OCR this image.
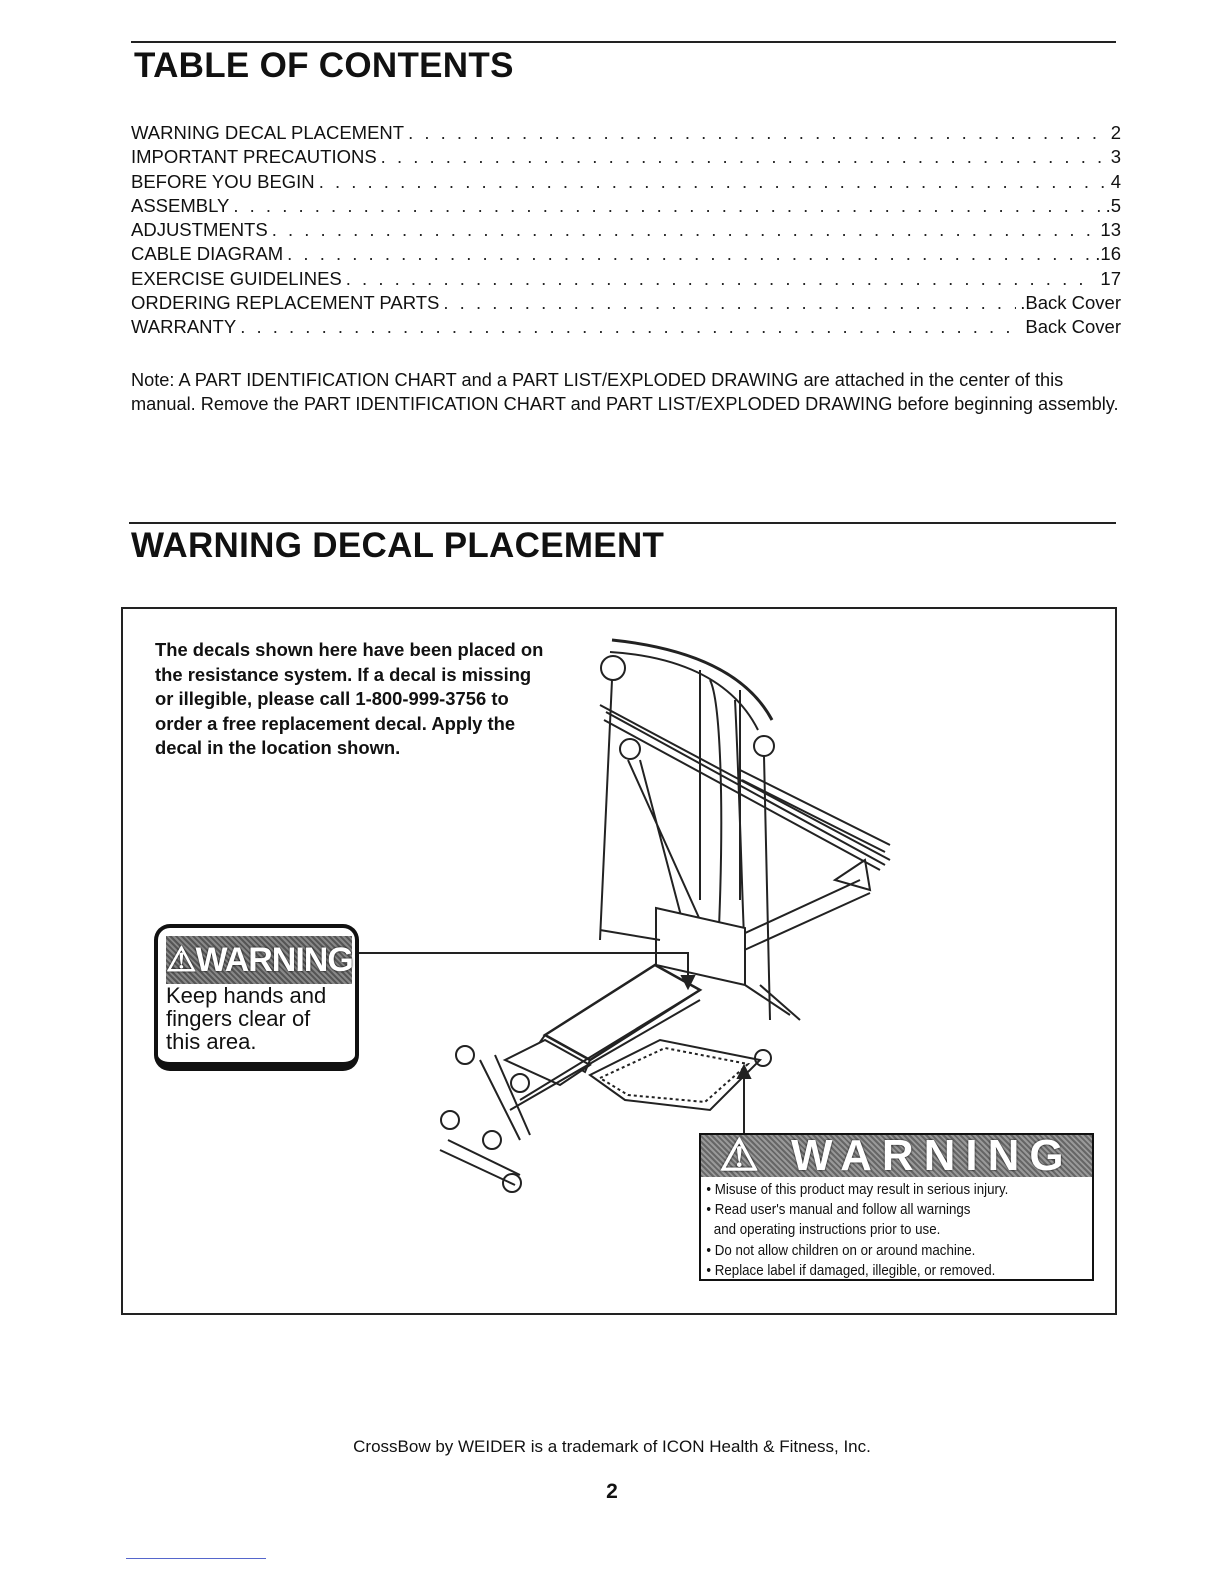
TABLE OF CONTENTS
WARNING DECAL PLACEMENT . . .	2
IMPORTANT PRECAUTIONS . . .	3
BEFORE YOU BEGIN . . .	4
ASSEMBLY . . .	.5
ADJUSTMENTS . . .	13
CABLE DIAGRAM . . .	.16
EXERCISE GUIDELINES . . .	17
ORDERING REPLACEMENT PARTS . . .	.Back Cover
WARRANTY . . .	Back Cover

Note: A PART IDENTIFICATION CHART and a PART LIST/EXPLODED DRAWING are attached in the center of this manual. Remove the PART IDENTIFICATION CHART and PART LIST/EXPLODED DRAWING before beginning assembly.

WARNING DECAL PLACEMENT

The decals shown here have been placed on the resistance system. If a decal is missing or illegible, please call 1-800-999-3756 to order a free replacement decal. Apply the decal in the location shown.

⚠WARNING
Keep hands and
fingers clear of
this area.
⚠ WARNING
• Misuse of this product may result in serious injury.
• Read user's manual and follow all warnings
and operating instructions prior to use.
• Do not allow children on or around machine.
• Replace label if damaged, illegible, or removed.
CrossBow by WEIDER is a trademark of ICON Health & Fitness, Inc.
2
